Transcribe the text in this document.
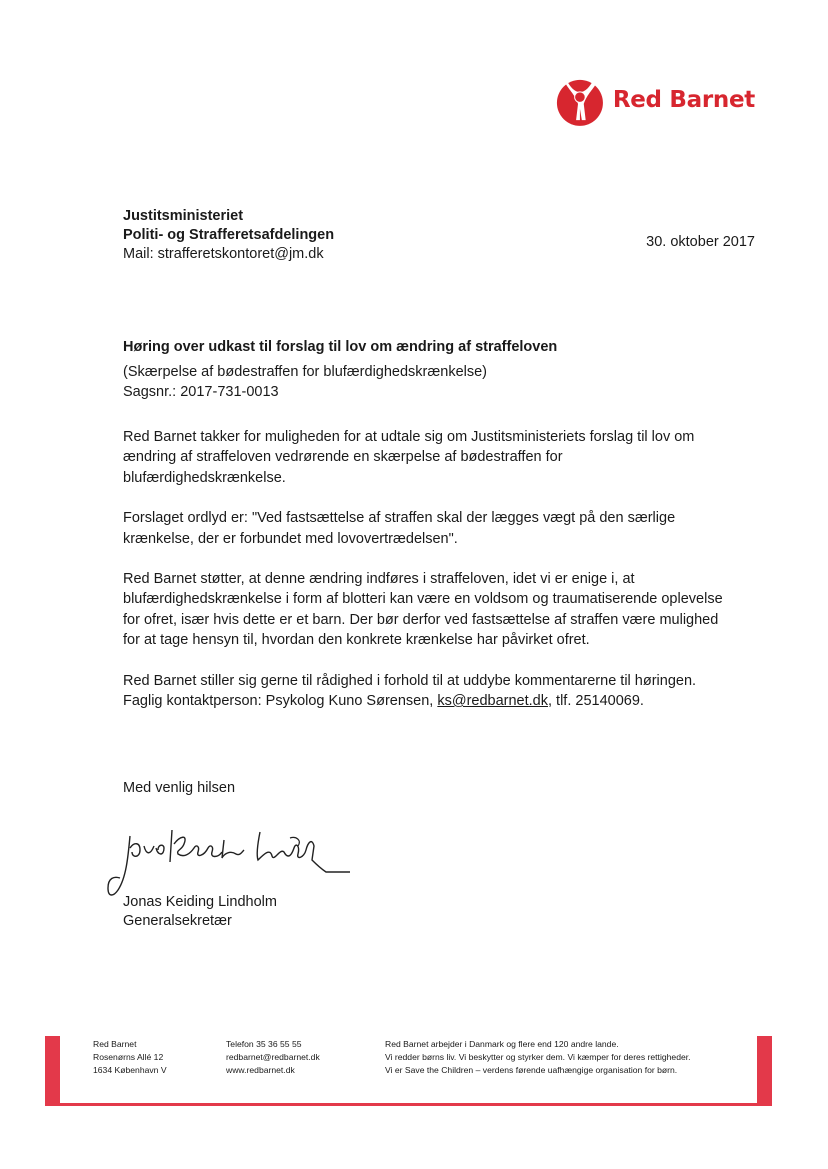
Red Barnet
Justitsministeriet
Politi- og Strafferetsafdelingen
Mail: strafferetskontoret@jm.dk
30. oktober 2017
Høring over udkast til forslag til lov om ændring af straffeloven
(Skærpelse af bødestraffen for blufærdighedskrænkelse)
Sagsnr.: 2017-731-0013

Red Barnet takker for muligheden for at udtale sig om Justitsministeriets forslag til lov om ændring af straffeloven vedrørende en skærpelse af bødestraffen for blufærdighedskrænkelse.

Forslaget ordlyd er: "Ved fastsættelse af straffen skal der lægges vægt på den særlige krænkelse, der er forbundet med lovovertrædelsen".

Red Barnet støtter, at denne ændring indføres i straffeloven, idet vi er enige i, at blufærdighedskrænkelse i form af blotteri kan være en voldsom og traumatiserende oplevelse for ofret, især hvis dette er et barn. Der bør derfor ved fastsættelse af straffen være mulighed for at tage hensyn til, hvordan den konkrete krænkelse har påvirket ofret.

Red Barnet stiller sig gerne til rådighed i forhold til at uddybe kommentarerne til høringen.
Faglig kontaktperson: Psykolog Kuno Sørensen, ks@redbarnet.dk, tlf. 25140069.

Med venlig hilsen
Jonas Keiding Lindholm
Generalsekretær
Red Barnet
Rosenørns Allé 12
1634 København V
Telefon 35 36 55 55
redbarnet@redbarnet.dk
www.redbarnet.dk
Red Barnet arbejder i Danmark og flere end 120 andre lande.
Vi redder børns liv. Vi beskytter og styrker dem. Vi kæmper for deres rettigheder.
Vi er Save the Children – verdens førende uafhængige organisation for børn.
